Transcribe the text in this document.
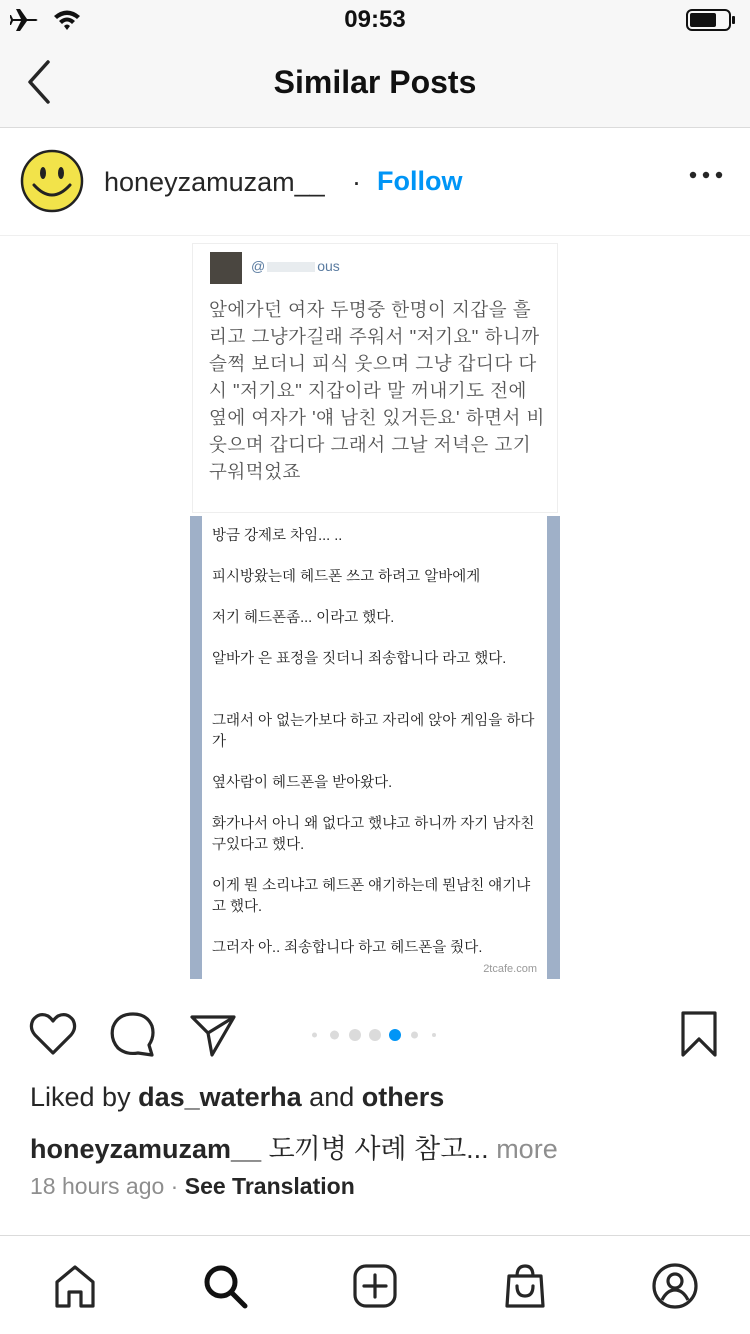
09:53
Similar Posts
honeyzamuzam__ · Follow
@	ous
앞에가던 여자 두명중 한명이 지갑을 흘리고 그냥가길래 주워서 "저기요" 하니까 슬쩍 보더니 피식 웃으며 그냥 갑디다 다시 "저기요" 지갑이라 말 꺼내기도 전에 옆에 여자가 '얘 남친 있거든요' 하면서 비웃으며 갑디다 그래서 그날 저녁은 고기 구워먹었죠
방금 강제로 차임... ..
피시방왔는데 헤드폰 쓰고 하려고 알바에게
저기 헤드폰좀... 이라고 했다.
알바가 은 표정을 짓더니 죄송합니다 라고 했다.
그래서 아 없는가보다 하고 자리에 앉아 게임을 하다가
옆사람이 헤드폰을 받아왔다.
화가나서 아니 왜 없다고 했냐고 하니까 자기 남자친구있다고 했다.
이게 뭔 소리냐고 헤드폰 얘기하는데 뭔남친 얘기냐고 했다.
그러자 아.. 죄송합니다 하고 헤드폰을 줬다.
2tcafe.com
Liked by das_waterha and others
honeyzamuzam__ 도끼병 사례 참고... more
18 hours ago · See Translation
